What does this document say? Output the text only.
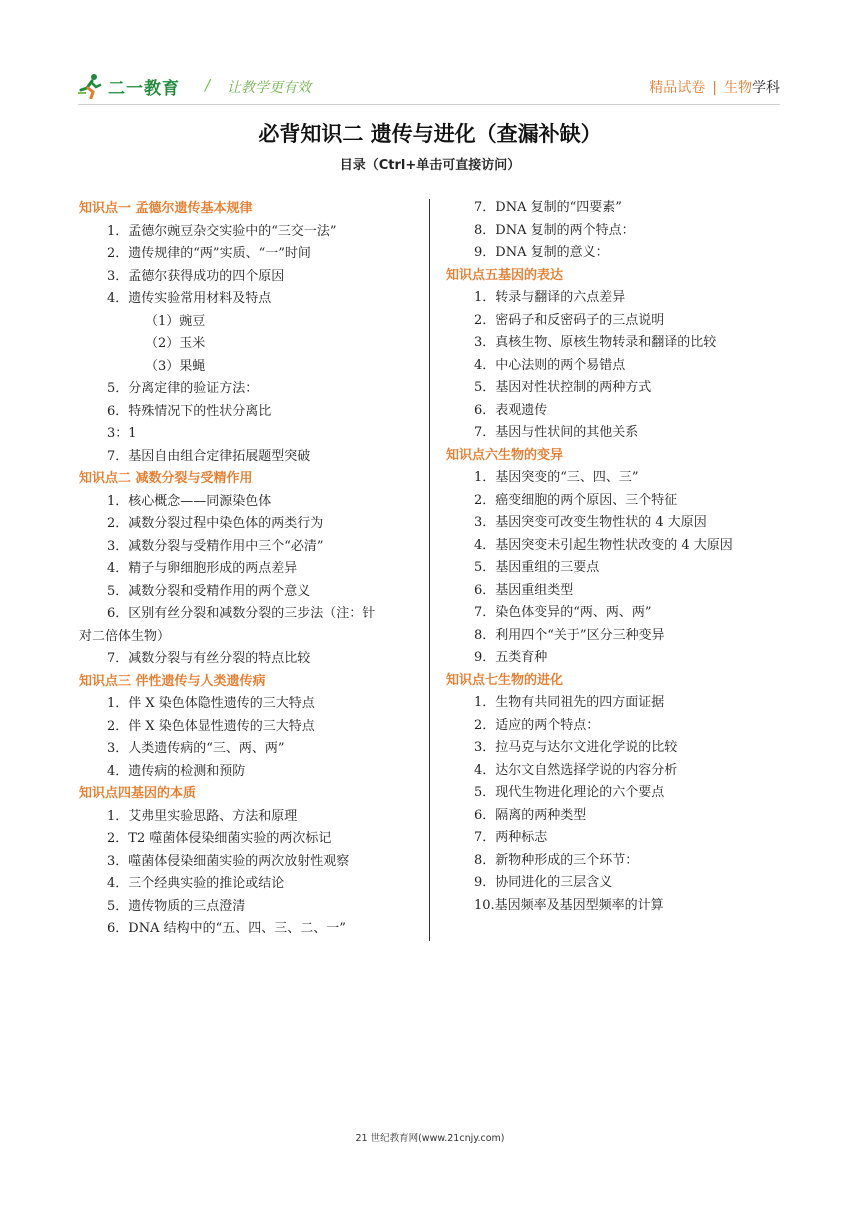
二一教育 / 让教学更有效	精品试卷 | 生物学科
必背知识二 遗传与进化（查漏补缺）
目录（Ctrl+单击可直接访问）
知识点一 孟德尔遗传基本规律
1．孟德尔豌豆杂交实验中的“三交一法”
2．遗传规律的“两”实质、“一”时间
3．孟德尔获得成功的四个原因
4．遗传实验常用材料及特点
（1）豌豆
（2）玉米
（3）果蝇
5．分离定律的验证方法：
6．特殊情况下的性状分离比
3：1
7．基因自由组合定律拓展题型突破
知识点二 减数分裂与受精作用
1．核心概念——同源染色体
2．减数分裂过程中染色体的两类行为
3．减数分裂与受精作用中三个“必清”
4．精子与卵细胞形成的两点差异
5．减数分裂和受精作用的两个意义
6．区别有丝分裂和减数分裂的三步法（注：针
对二倍体生物）
7．减数分裂与有丝分裂的特点比较
知识点三 伴性遗传与人类遗传病
1．伴 X 染色体隐性遗传的三大特点
2．伴 X 染色体显性遗传的三大特点
3．人类遗传病的“三、两、两”
4．遗传病的检测和预防
知识点四基因的本质
1．艾弗里实验思路、方法和原理
2．T2 噬菌体侵染细菌实验的两次标记
3．噬菌体侵染细菌实验的两次放射性观察
4．三个经典实验的推论或结论
5．遗传物质的三点澄清
6．DNA 结构中的“五、四、三、二、一”
7．DNA 复制的“四要素”
8．DNA 复制的两个特点：
9．DNA 复制的意义：
知识点五基因的表达
1．转录与翻译的六点差异
2．密码子和反密码子的三点说明
3．真核生物、原核生物转录和翻译的比较
4．中心法则的两个易错点
5．基因对性状控制的两种方式
6．表观遗传
7．基因与性状间的其他关系
知识点六生物的变异
1．基因突变的“三、四、三”
2．癌变细胞的两个原因、三个特征
3．基因突变可改变生物性状的 4 大原因
4．基因突变未引起生物性状改变的 4 大原因
5．基因重组的三要点
6．基因重组类型
7．染色体变异的“两、两、两”
8．利用四个“关于”区分三种变异
9．五类育种
知识点七生物的进化
1．生物有共同祖先的四方面证据
2．适应的两个特点：
3．拉马克与达尔文进化学说的比较
4．达尔文自然选择学说的内容分析
5．现代生物进化理论的六个要点
6．隔离的两种类型
7．两种标志
8．新物种形成的三个环节：
9．协同进化的三层含义
10.基因频率及基因型频率的计算
21 世纪教育网(www.21cnjy.com)
